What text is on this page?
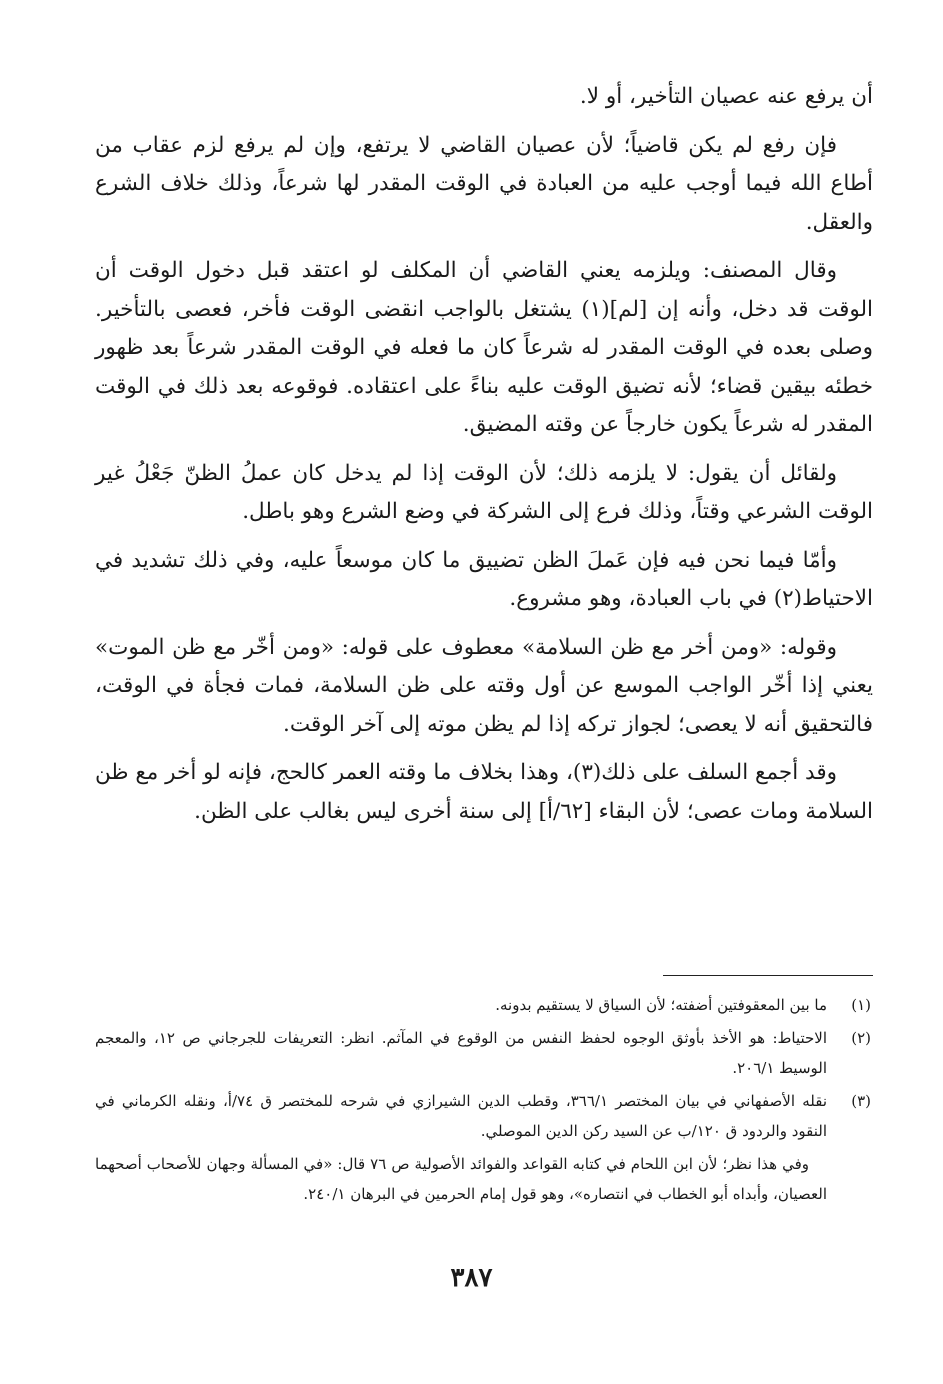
أن يرفع عنه عصيان التأخير، أو لا.

فإن رفع لم يكن قاضياً؛ لأن عصيان القاضي لا يرتفع، وإن لم يرفع لزم عقاب من أطاع الله فيما أوجب عليه من العبادة في الوقت المقدر لها شرعاً، وذلك خلاف الشرع والعقل.

وقال المصنف: ويلزمه يعني القاضي أن المكلف لو اعتقد قبل دخول الوقت أن الوقت قد دخل، وأنه إن [لم](١) يشتغل بالواجب انقضى الوقت فأخر، فعصى بالتأخير. وصلى بعده في الوقت المقدر له شرعاً كان ما فعله في الوقت المقدر شرعاً بعد ظهور خطئه بيقين قضاء؛ لأنه تضيق الوقت عليه بناءً على اعتقاده. فوقوعه بعد ذلك في الوقت المقدر له شرعاً يكون خارجاً عن وقته المضيق.

ولقائل أن يقول: لا يلزمه ذلك؛ لأن الوقت إذا لم يدخل كان عملُ الظنّ جَعْلُ غير الوقت الشرعي وقتاً، وذلك فرع إلى الشركة في وضع الشرع وهو باطل.

وأمّا فيما نحن فيه فإن عَملَ الظن تضييق ما كان موسعاً عليه، وفي ذلك تشديد في الاحتياط(٢) في باب العبادة، وهو مشروع.

وقوله: «ومن أخر مع ظن السلامة» معطوف على قوله: «ومن أخّر مع ظن الموت» يعني إذا أخّر الواجب الموسع عن أول وقته على ظن السلامة، فمات فجأة في الوقت، فالتحقيق أنه لا يعصى؛ لجواز تركه إذا لم يظن موته إلى آخر الوقت.

وقد أجمع السلف على ذلك(٣)، وهذا بخلاف ما وقته العمر كالحج، فإنه لو أخر مع ظن السلامة ومات عصى؛ لأن البقاء [٦٢/أ] إلى سنة أخرى ليس بغالب على الظن.

(١)
ما بين المعقوفتين أضفته؛ لأن السياق لا يستقيم بدونه.

(٢)
الاحتياط: هو الأخذ بأوثق الوجوه لحفظ النفس من الوقوع في المآثم. انظر: التعريفات للجرجاني ص ١٢، والمعجم الوسيط ٢٠٦/١.

(٣)
نقله الأصفهاني في بيان المختصر ٣٦٦/١، وقطب الدين الشيرازي في شرحه للمختصر ق ٧٤/أ، ونقله الكرماني في النقود والردود ق ١٢٠/ب عن السيد ركن الدين الموصلي.

وفي هذا نظر؛ لأن ابن اللحام في كتابه القواعد والفوائد الأصولية ص ٧٦ قال: «في المسألة وجهان للأصحاب أصحهما العصيان، وأبداه أبو الخطاب في انتصاره»، وهو قول إمام الحرمين في البرهان ٢٤٠/١.

٣٨٧
